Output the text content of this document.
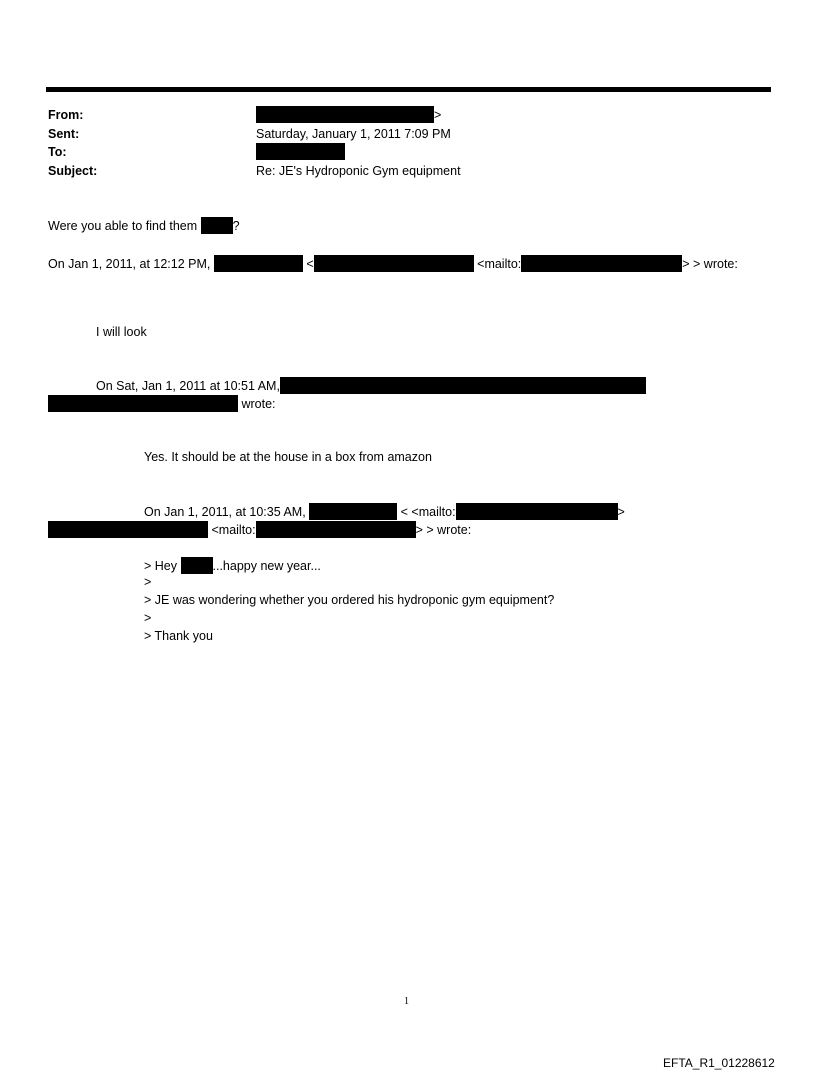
From:	>
Sent:	Saturday, January 1, 2011 7:09 PM
To:
Subject:	Re: JE's Hydroponic Gym equipment
Were you able to find them	?
On Jan 1, 2011, at 12:12 PM,	<	<mailto:	> > wrote:
I will look
On Sat, Jan 1, 2011 at 10:51 AM,
wrote:
Yes. It should be at the house in a box from amazon
On Jan 1, 2011, at 10:35 AM,	< <mailto:	>
<mailto:	> > wrote:
> Hey	...happy new year...
>
> JE was wondering whether you ordered his hydroponic gym equipment?
>
> Thank you
1
EFTA_R1_01228612
